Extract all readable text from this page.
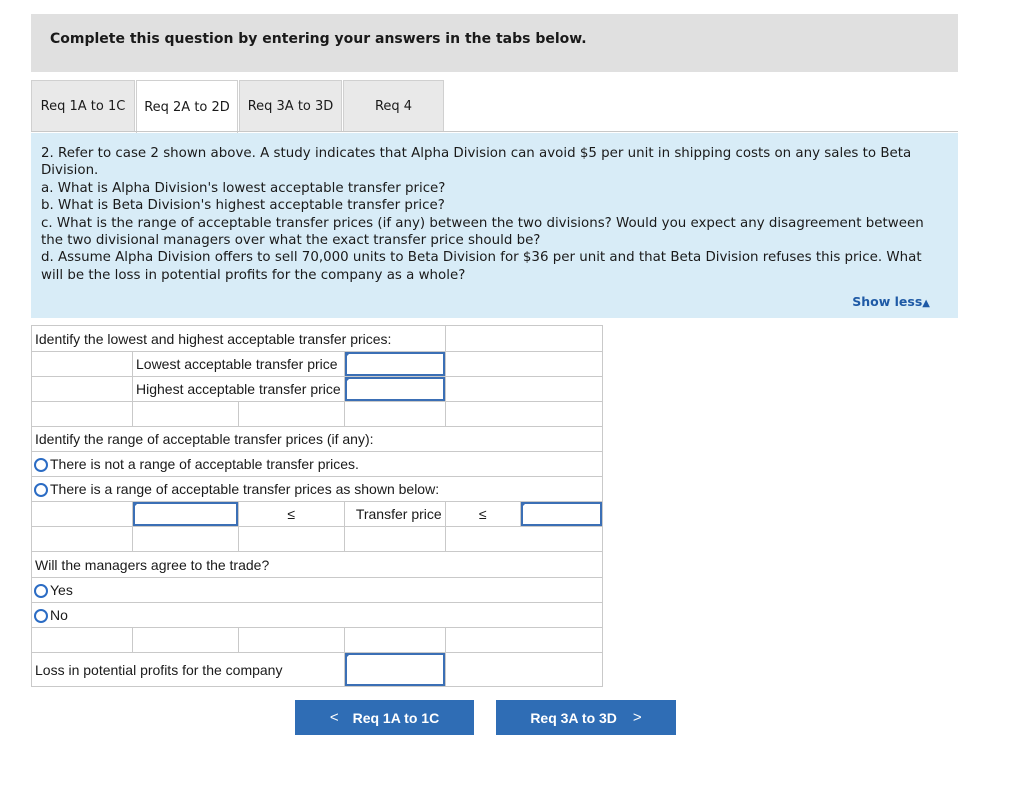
Complete this question by entering your answers in the tabs below.
Req 1A to 1C	Req 2A to 2D	Req 3A to 3D	Req 4
2. Refer to case 2 shown above. A study indicates that Alpha Division can avoid $5 per unit in shipping costs on any sales to Beta Division.
a. What is Alpha Division's lowest acceptable transfer price?
b. What is Beta Division's highest acceptable transfer price?
c. What is the range of acceptable transfer prices (if any) between the two divisions? Would you expect any disagreement between the two divisional managers over what the exact transfer price should be?
d. Assume Alpha Division offers to sell 70,000 units to Beta Division for $36 per unit and that Beta Division refuses this price. What will be the loss in potential profits for the company as a whole?
Show less▲
Identify the lowest and highest acceptable transfer prices:				
	Lowest acceptable transfer price		

	Highest acceptable transfer price		

Identify the range of acceptable transfer prices (if any):				
There is not a range of acceptable transfer prices.				
There is a range of acceptable transfer prices as shown below:				

	≤	Transfer price	≤

Will the managers agree to the trade?				
Yes				
No				

Loss in potential profits for the company			

< Req 1A to 1C	Req 3A to 3D >
